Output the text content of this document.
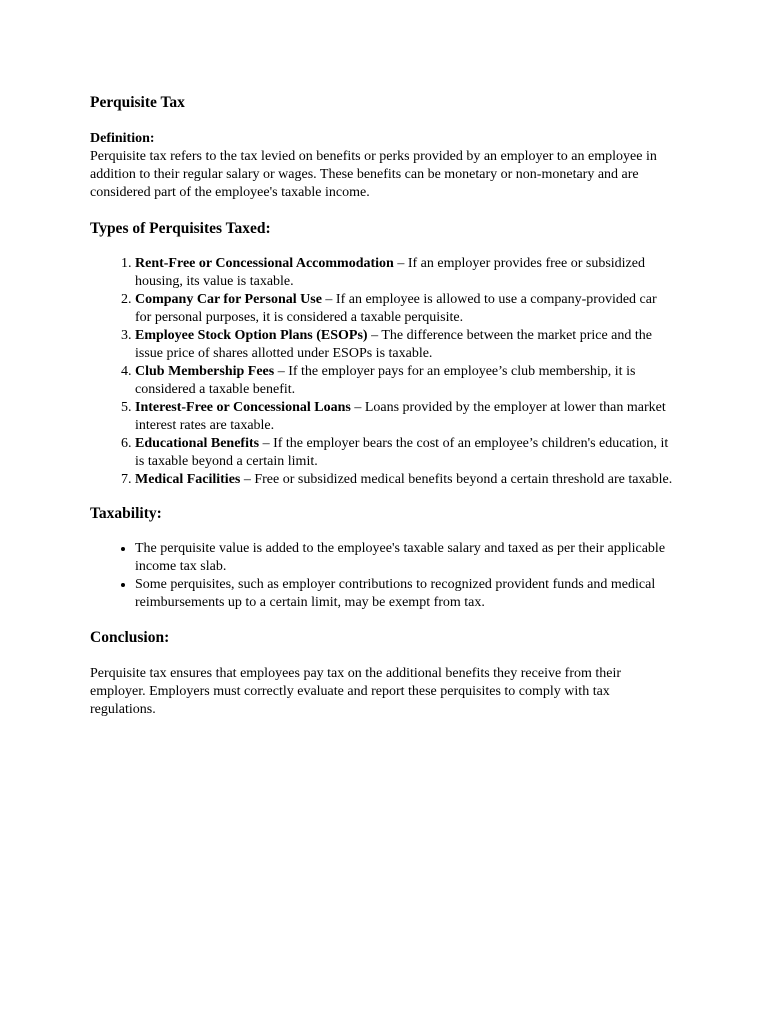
Perquisite Tax

Definition:

Perquisite tax refers to the tax levied on benefits or perks provided by an employer to an employee in addition to their regular salary or wages. These benefits can be monetary or non-monetary and are considered part of the employee's taxable income.

Types of Perquisites Taxed:
1. Rent-Free or Concessional Accommodation – If an employer provides free or subsidized housing, its value is taxable.
2. Company Car for Personal Use – If an employee is allowed to use a company-provided car for personal purposes, it is considered a taxable perquisite.
3. Employee Stock Option Plans (ESOPs) – The difference between the market price and the issue price of shares allotted under ESOPs is taxable.
4. Club Membership Fees – If the employer pays for an employee’s club membership, it is considered a taxable benefit.
5. Interest-Free or Concessional Loans – Loans provided by the employer at lower than market interest rates are taxable.
6. Educational Benefits – If the employer bears the cost of an employee’s children's education, it is taxable beyond a certain limit.
7. Medical Facilities – Free or subsidized medical benefits beyond a certain threshold are taxable.
Taxability:
• The perquisite value is added to the employee's taxable salary and taxed as per their applicable income tax slab.
• Some perquisites, such as employer contributions to recognized provident funds and medical reimbursements up to a certain limit, may be exempt from tax.
Conclusion:

Perquisite tax ensures that employees pay tax on the additional benefits they receive from their employer. Employers must correctly evaluate and report these perquisites to comply with tax regulations.
